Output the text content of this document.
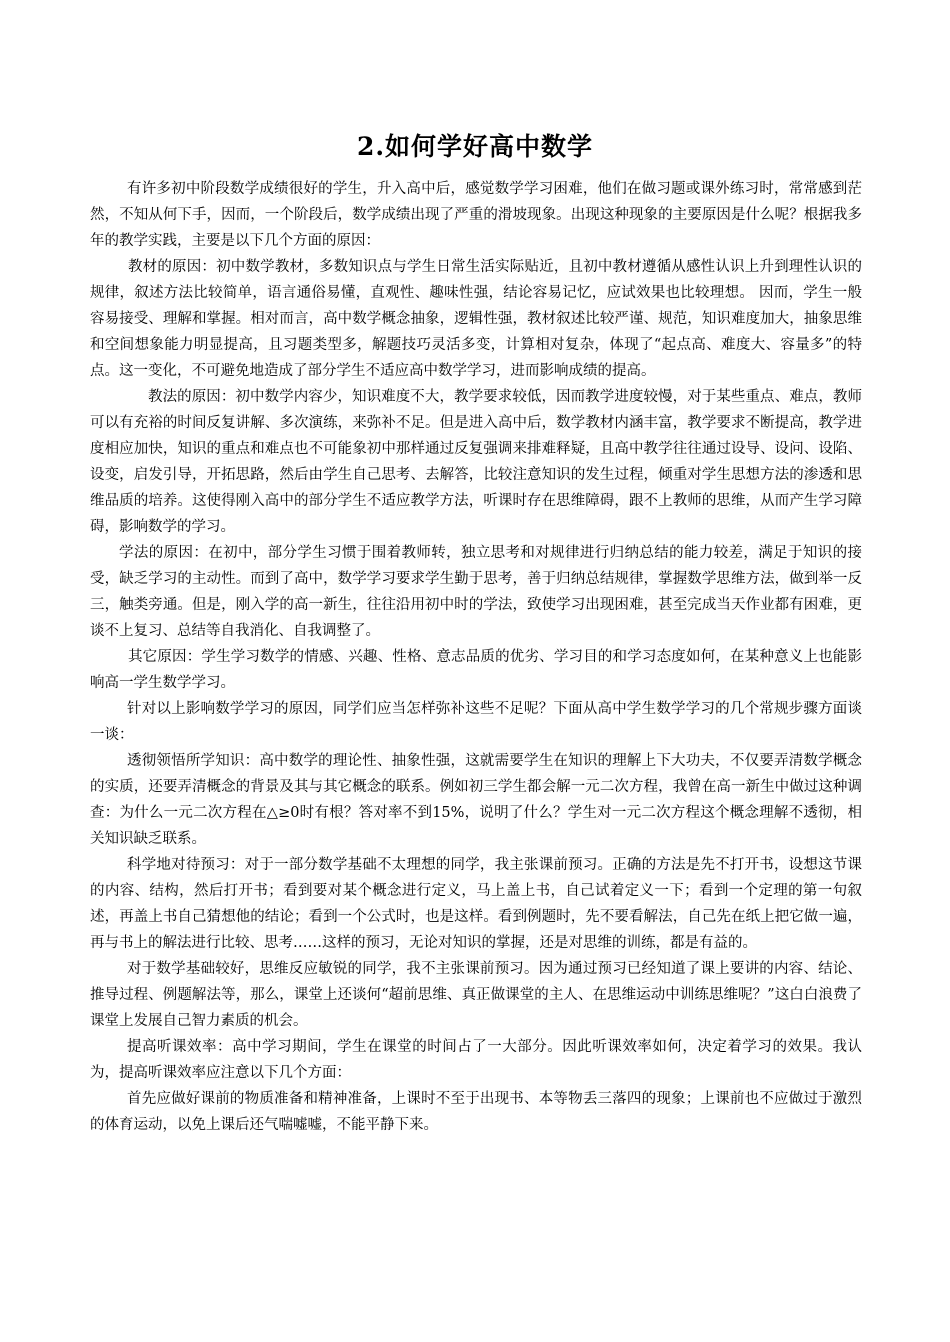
2.如何学好高中数学

有许多初中阶段数学成绩很好的学生，升入高中后，感觉数学学习困难，他们在做习题或课外练习时，常常感到茫然，不知从何下手，因而，一个阶段后，数学成绩出现了严重的滑坡现象。出现这种现象的主要原因是什么呢？根据我多年的教学实践，主要是以下几个方面的原因：

教材的原因：初中数学教材，多数知识点与学生日常生活实际贴近，且初中教材遵循从感性认识上升到理性认识的规律，叙述方法比较简单，语言通俗易懂，直观性、趣味性强，结论容易记忆，应试效果也比较理想。 因而，学生一般容易接受、理解和掌握。相对而言，高中数学概念抽象，逻辑性强，教材叙述比较严谨、规范，知识难度加大，抽象思维和空间想象能力明显提高，且习题类型多，解题技巧灵活多变，计算相对复杂，体现了“起点高、难度大、容量多”的特点。这一变化，不可避免地造成了部分学生不适应高中数学学习，进而影响成绩的提高。

教法的原因：初中数学内容少，知识难度不大，教学要求较低，因而教学进度较慢，对于某些重点、难点，教师可以有充裕的时间反复讲解、多次演练，来弥补不足。但是进入高中后，数学教材内涵丰富，教学要求不断提高，教学进度相应加快，知识的重点和难点也不可能象初中那样通过反复强调来排难释疑，且高中教学往往通过设导、设问、设陷、设变，启发引导，开拓思路，然后由学生自己思考、去解答，比较注意知识的发生过程，倾重对学生思想方法的渗透和思维品质的培养。这使得刚入高中的部分学生不适应教学方法，听课时存在思维障碍，跟不上教师的思维，从而产生学习障碍，影响数学的学习。

学法的原因：在初中，部分学生习惯于围着教师转，独立思考和对规律进行归纳总结的能力较差，满足于知识的接受，缺乏学习的主动性。而到了高中，数学学习要求学生勤于思考，善于归纳总结规律，掌握数学思维方法，做到举一反三，触类旁通。但是，刚入学的高一新生，往往沿用初中时的学法，致使学习出现困难，甚至完成当天作业都有困难，更谈不上复习、总结等自我消化、自我调整了。

其它原因：学生学习数学的情感、兴趣、性格、意志品质的优劣、学习目的和学习态度如何，在某种意义上也能影响高一学生数学学习。

针对以上影响数学学习的原因，同学们应当怎样弥补这些不足呢？下面从高中学生数学学习的几个常规步骤方面谈一谈：

透彻领悟所学知识：高中数学的理论性、抽象性强，这就需要学生在知识的理解上下大功夫，不仅要弄清数学概念的实质，还要弄清概念的背景及其与其它概念的联系。例如初三学生都会解一元二次方程，我曾在高一新生中做过这种调查：为什么一元二次方程在△≥0时有根？答对率不到15%，说明了什么？学生对一元二次方程这个概念理解不透彻，相关知识缺乏联系。

科学地对待预习：对于一部分数学基础不太理想的同学，我主张课前预习。正确的方法是先不打开书，设想这节课的内容、结构，然后打开书；看到要对某个概念进行定义，马上盖上书，自己试着定义一下；看到一个定理的第一句叙述，再盖上书自己猜想他的结论；看到一个公式时，也是这样。看到例题时，先不要看解法，自己先在纸上把它做一遍，再与书上的解法进行比较、思考……这样的预习，无论对知识的掌握，还是对思维的训练，都是有益的。

对于数学基础较好，思维反应敏锐的同学，我不主张课前预习。因为通过预习已经知道了课上要讲的内容、结论、推导过程、例题解法等，那么，课堂上还谈何“超前思维、真正做课堂的主人、在思维运动中训练思维呢？”这白白浪费了课堂上发展自己智力素质的机会。

提高听课效率：高中学习期间，学生在课堂的时间占了一大部分。因此听课效率如何，决定着学习的效果。我认为，提高听课效率应注意以下几个方面：

首先应做好课前的物质准备和精神准备，上课时不至于出现书、本等物丢三落四的现象；上课前也不应做过于激烈的体育运动，以免上课后还气喘嘘嘘，不能平静下来。
